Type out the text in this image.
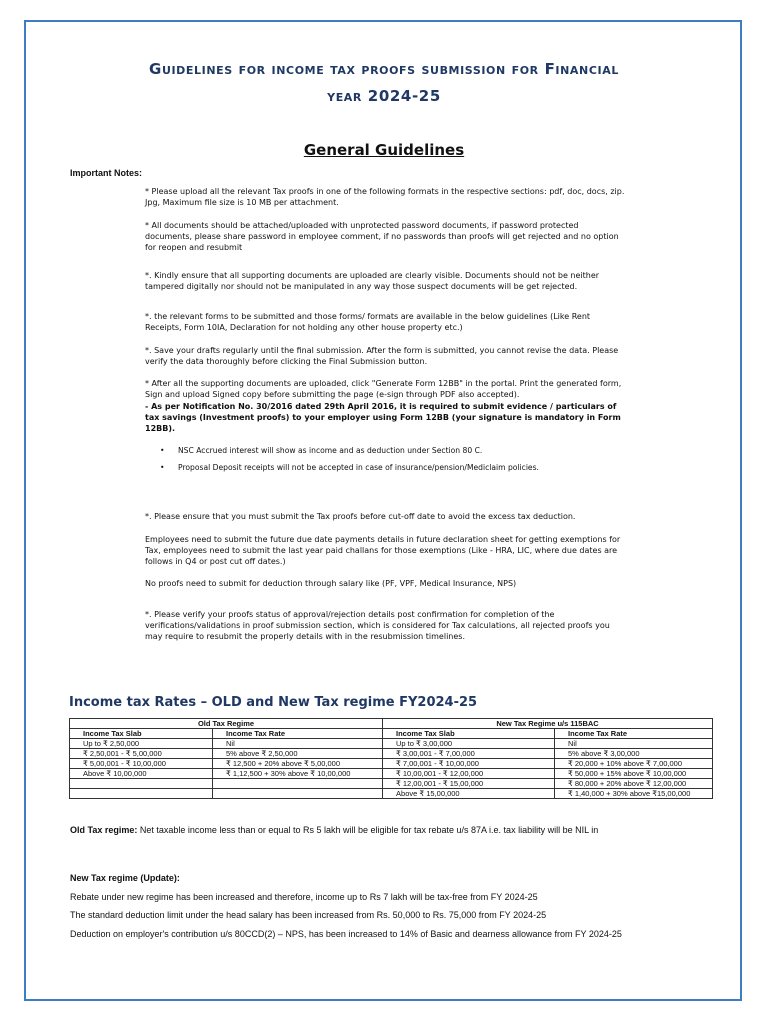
Guidelines for income tax proofs submission for Financial
year 2024-25
General Guidelines
Important Notes:
* Please upload all the relevant Tax proofs in one of the following formats in the respective sections: pdf, doc, docs, zip. Jpg, Maximum file size is 10 MB per attachment.
* All documents should be attached/uploaded with unprotected password documents, if password protected documents, please share password in employee comment, if no passwords than proofs will get rejected and no option for reopen and resubmit
*. Kindly ensure that all supporting documents are uploaded are clearly visible. Documents should not be neither tampered digitally nor should not be manipulated in any way those suspect documents will be get rejected.
*. the relevant forms to be submitted and those forms/ formats are available in the below guidelines (Like Rent Receipts, Form 10IA, Declaration for not holding any other house property etc.)
*. Save your drafts regularly until the final submission. After the form is submitted, you cannot revise the data. Please verify the data thoroughly before clicking the Final Submission button.
* After all the supporting documents are uploaded, click "Generate Form 12BB" in the portal. Print the generated form, Sign and upload Signed copy before submitting the page (e-sign through PDF also accepted).
- As per Notification No. 30/2016 dated 29th April 2016, it is required to submit evidence / particulars of tax savings (Investment proofs) to your employer using Form 12BB (your signature is mandatory in Form 12BB).
• NSC Accrued interest will show as income and as deduction under Section 80 C.
• Proposal Deposit receipts will not be accepted in case of insurance/pension/Mediclaim policies.
*. Please ensure that you must submit the Tax proofs before cut-off date to avoid the excess tax deduction.
Employees need to submit the future due date payments details in future declaration sheet for getting exemptions for Tax, employees need to submit the last year paid challans for those exemptions (Like - HRA, LIC, where due dates are follows in Q4 or post cut off dates.)
No proofs need to submit for deduction through salary like (PF, VPF, Medical Insurance, NPS)
*. Please verify your proofs status of approval/rejection details post confirmation for completion of the verifications/validations in proof submission section, which is considered for Tax calculations, all rejected proofs you may require to resubmit the properly details with in the resubmission timelines.
Income tax Rates – OLD and New Tax regime FY2024-25
Old Tax Regime		New Tax Regime u/s 115BAC	
Income Tax Slab	Income Tax Rate	Income Tax Slab	Income Tax Rate
Up to ₹ 2,50,000	Nil	Up to ₹ 3,00,000	Nil
₹ 2,50,001 - ₹ 5,00,000	5% above ₹ 2,50,000	₹ 3,00,001 - ₹ 7,00,000	5% above ₹ 3,00,000
₹ 5,00,001 - ₹ 10,00,000	₹ 12,500 + 20% above ₹ 5,00,000	₹ 7,00,001 - ₹ 10,00,000	₹ 20,000 + 10% above ₹ 7,00,000
Above ₹ 10,00,000	₹ 1,12,500 + 30% above ₹ 10,00,000	₹ 10,00,001 - ₹ 12,00,000	₹ 50,000 + 15% above ₹ 10,00,000
		₹ 12,00,001 - ₹ 15,00,000	₹ 80,000 + 20% above ₹ 12,00,000
		Above ₹ 15,00,000	₹ 1,40,000 + 30% above ₹15,00,000
Old Tax regime: Net taxable income less than or equal to Rs 5 lakh will be eligible for tax rebate u/s 87A i.e. tax liability will be NIL in
New Tax regime (Update):
Rebate under new regime has been increased and therefore, income up to Rs 7 lakh will be tax-free from FY 2024-25
The standard deduction limit under the head salary has been increased from Rs. 50,000 to Rs. 75,000 from FY 2024-25
Deduction on employer's contribution u/s 80CCD(2) – NPS, has been increased to 14% of Basic and dearness allowance from FY 2024-25
